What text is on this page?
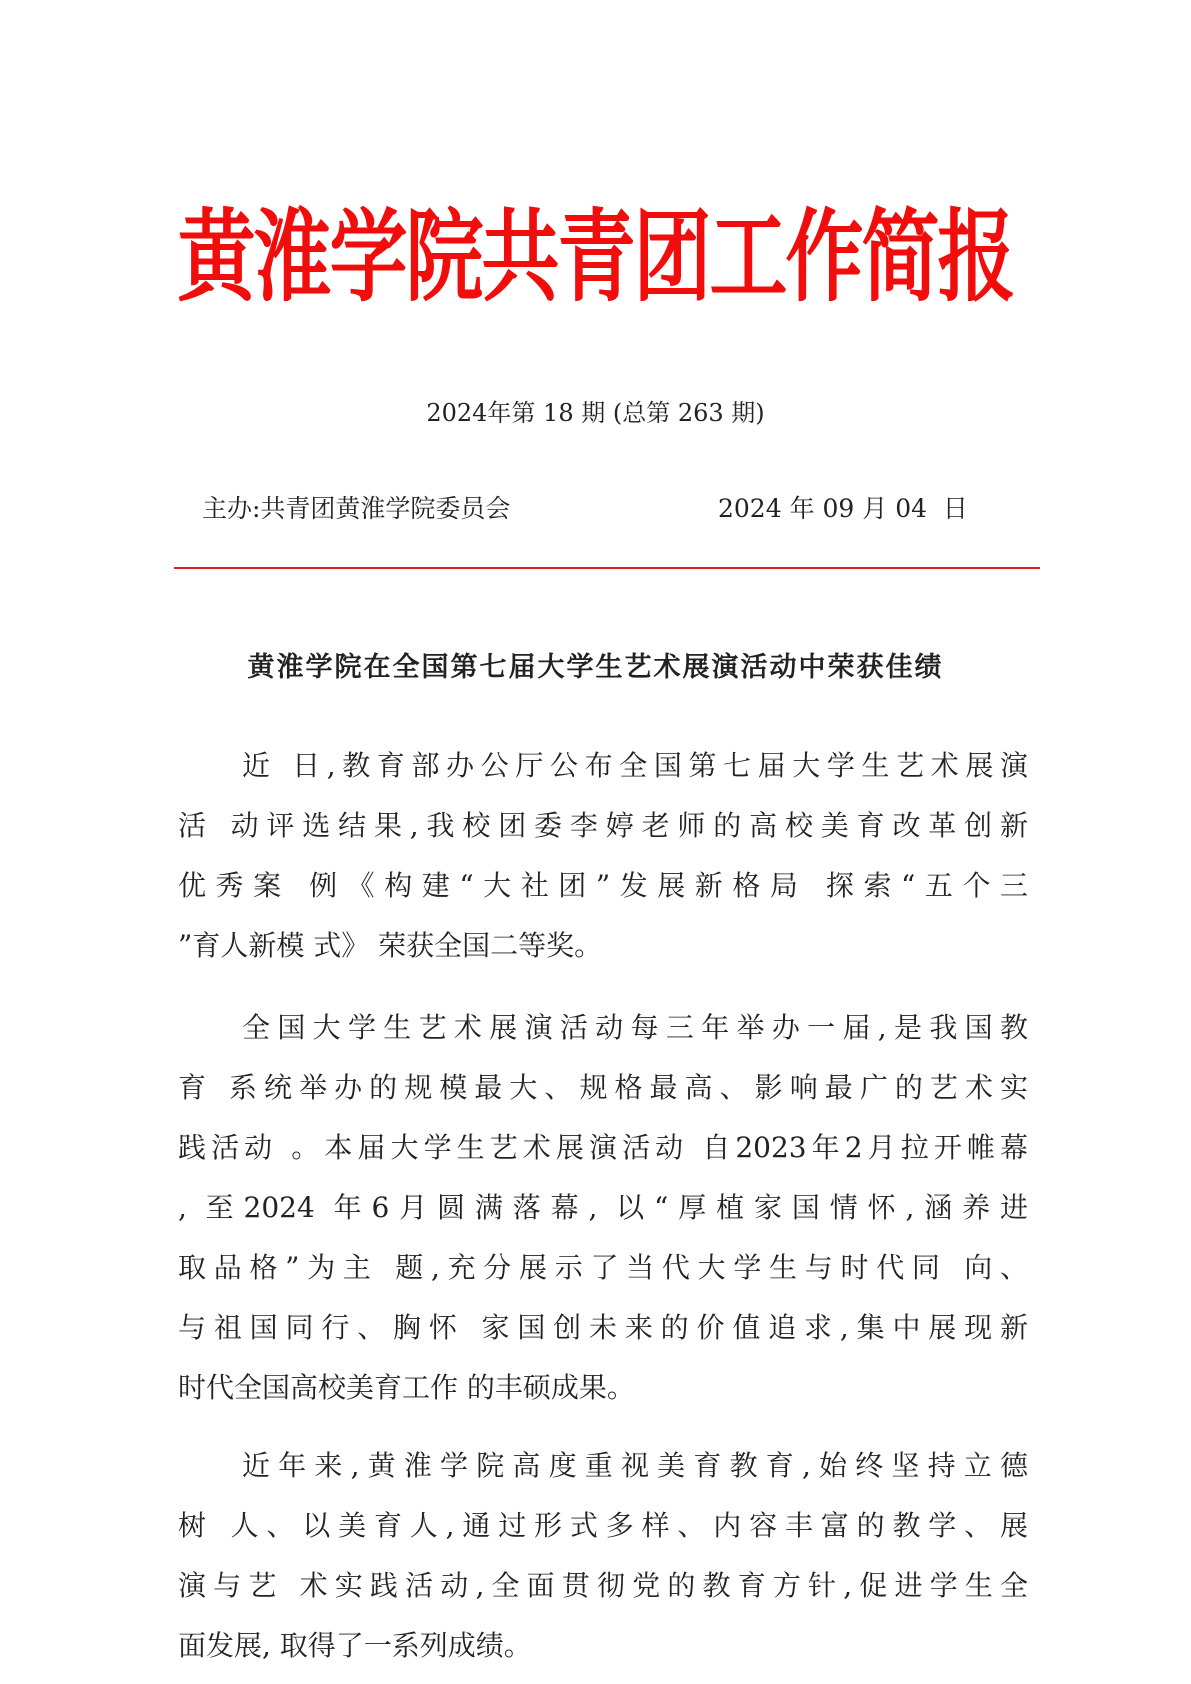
黄淮学院共青团工作简报
2024年第 18 期 (总第 263 期)
主办:共青团黄淮学院委员会	2024 年 09 月 04  日
黄淮学院在全国第七届大学生艺术展演活动中荣获佳绩
近 日,教育部办公厅公布全国第七届大学生艺术展演
活 动评选结果,我校团委李婷老师的高校美育改革创新
优秀案 例《构建“大社团”发展新格局 探索“五个三
”育人新模 式》 荣获全国二等奖。
全国大学生艺术展演活动每三年举办一届,是我国教
育 系统举办的规模最大、规格最高、影响最广的艺术实
践活动 。本届大学生艺术展演活动 自2023年2月拉开帷幕
, 至2024 年6月圆满落幕, 以“厚植家国情怀,涵养进
取品格”为主 题,充分展示了当代大学生与时代同 向、
与祖国同行、胸怀 家国创未来的价值追求,集中展现新
时代全国高校美育工作 的丰硕成果。
近年来,黄淮学院高度重视美育教育,始终坚持立德
树 人、以美育人,通过形式多样、内容丰富的教学、展
演与艺 术实践活动,全面贯彻党的教育方针,促进学生全
面发展, 取得了一系列成绩。
